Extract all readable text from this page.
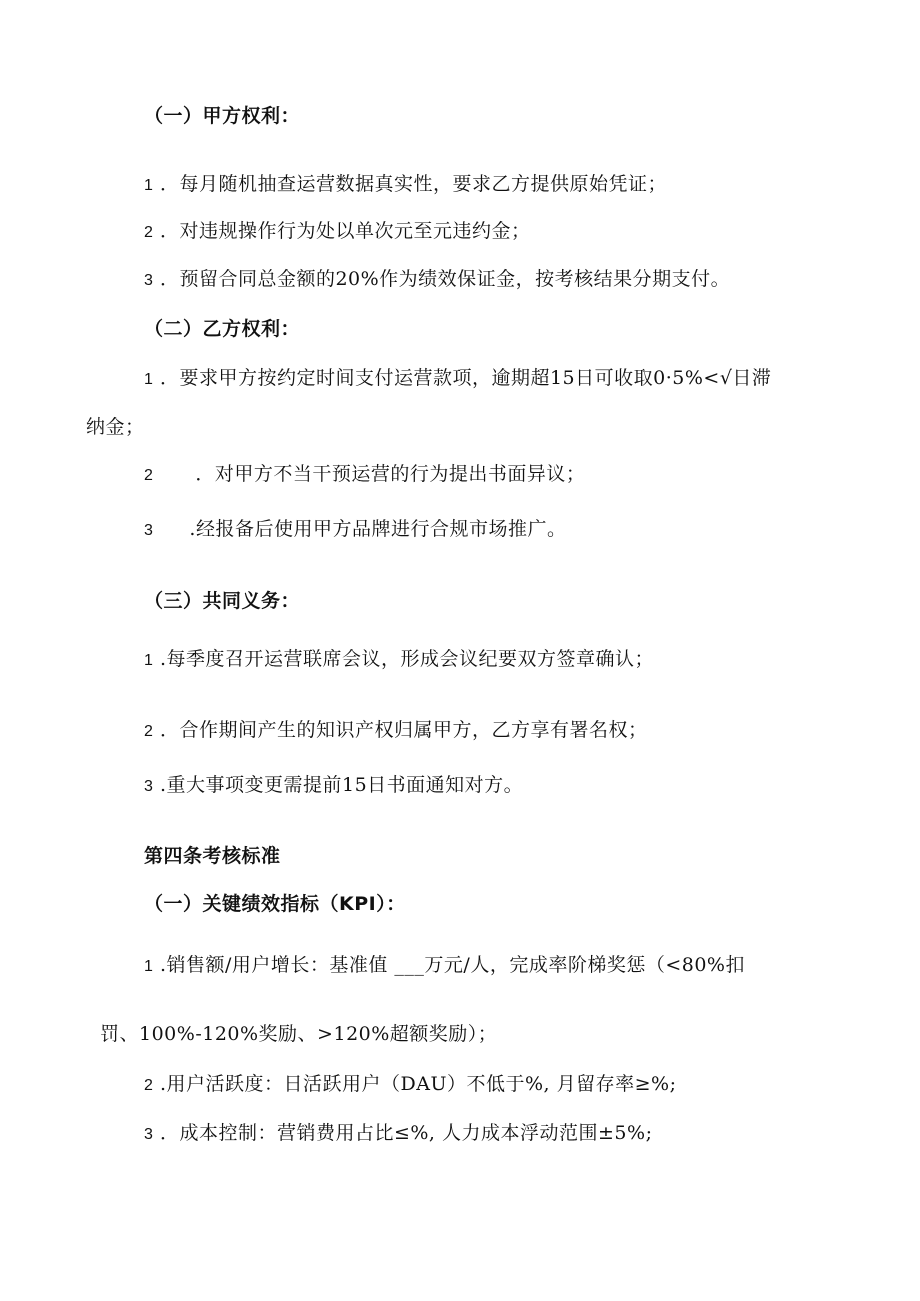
（一）甲方权利：
1 ．每月随机抽查运营数据真实性，要求乙方提供原始凭证；
2 ．对违规操作行为处以单次元至元违约金；
3 ．预留合同总金额的20%作为绩效保证金，按考核结果分期支付。
（二）乙方权利：
1 ．要求甲方按约定时间支付运营款项，逾期超15日可收取0·5%<√日滞
纳金；
2 ．对甲方不当干预运营的行为提出书面异议；
3 .经报备后使用甲方品牌进行合规市场推广。
（三）共同义务：
1 .每季度召开运营联席会议，形成会议纪要双方签章确认；
2 ．合作期间产生的知识产权归属甲方，乙方享有署名权；
3 .重大事项变更需提前15日书面通知对方。
第四条考核标准
（一）关键绩效指标（KPI）：
1 .销售额/用户增长：基准值 ___万元/人，完成率阶梯奖惩（<80%扣
罚、100%-120%奖励、>120%超额奖励）；
2 .用户活跃度：日活跃用户（DAU）不低于%, 月留存率≥%;
3 ．成本控制：营销费用占比≤%, 人力成本浮动范围±5%;
